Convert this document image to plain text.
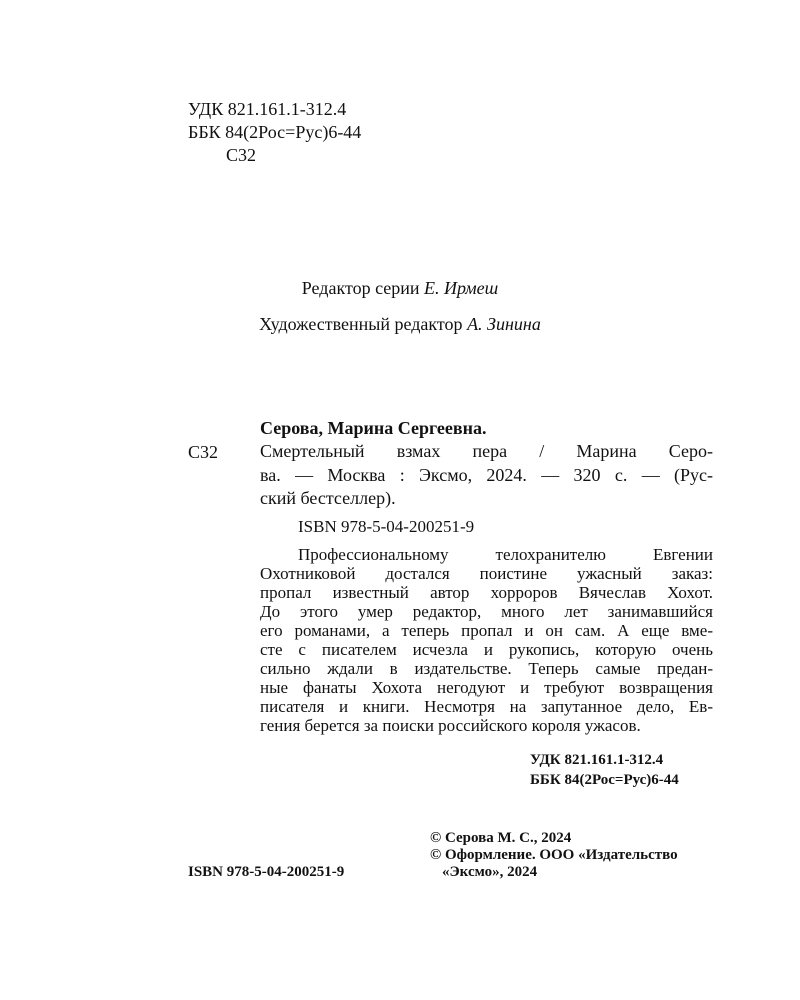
УДК 821.161.1-312.4
ББК 84(2Рос=Рус)6-44
С32
Редактор серии Е. Ирмеш
Художественный редактор А. Зинина
Серова, Марина Сергеевна.
С32 Смертельный взмах пера / Марина Серо-
ва. — Москва : Эксмо, 2024. — 320 с. — (Рус-
ский бестселлер).
ISBN 978-5-04-200251-9
Профессиональному телохранителю Евгении
Охотниковой достался поистине ужасный заказ:
пропал известный автор хорроров Вячеслав Хохот.
До этого умер редактор, много лет занимавшийся
его романами, а теперь пропал и он сам. А еще вме-
сте с писателем исчезла и рукопись, которую очень
сильно ждали в издательстве. Теперь самые предан-
ные фанаты Хохота негодуют и требуют возвращения
писателя и книги. Несмотря на запутанное дело, Ев-
гения берется за поиски российского короля ужасов.
УДК 821.161.1-312.4
ББК 84(2Рос=Рус)6-44
© Серова М. С., 2024
© Оформление. ООО «Издательство
«Эксмо», 2024
ISBN 978-5-04-200251-9
